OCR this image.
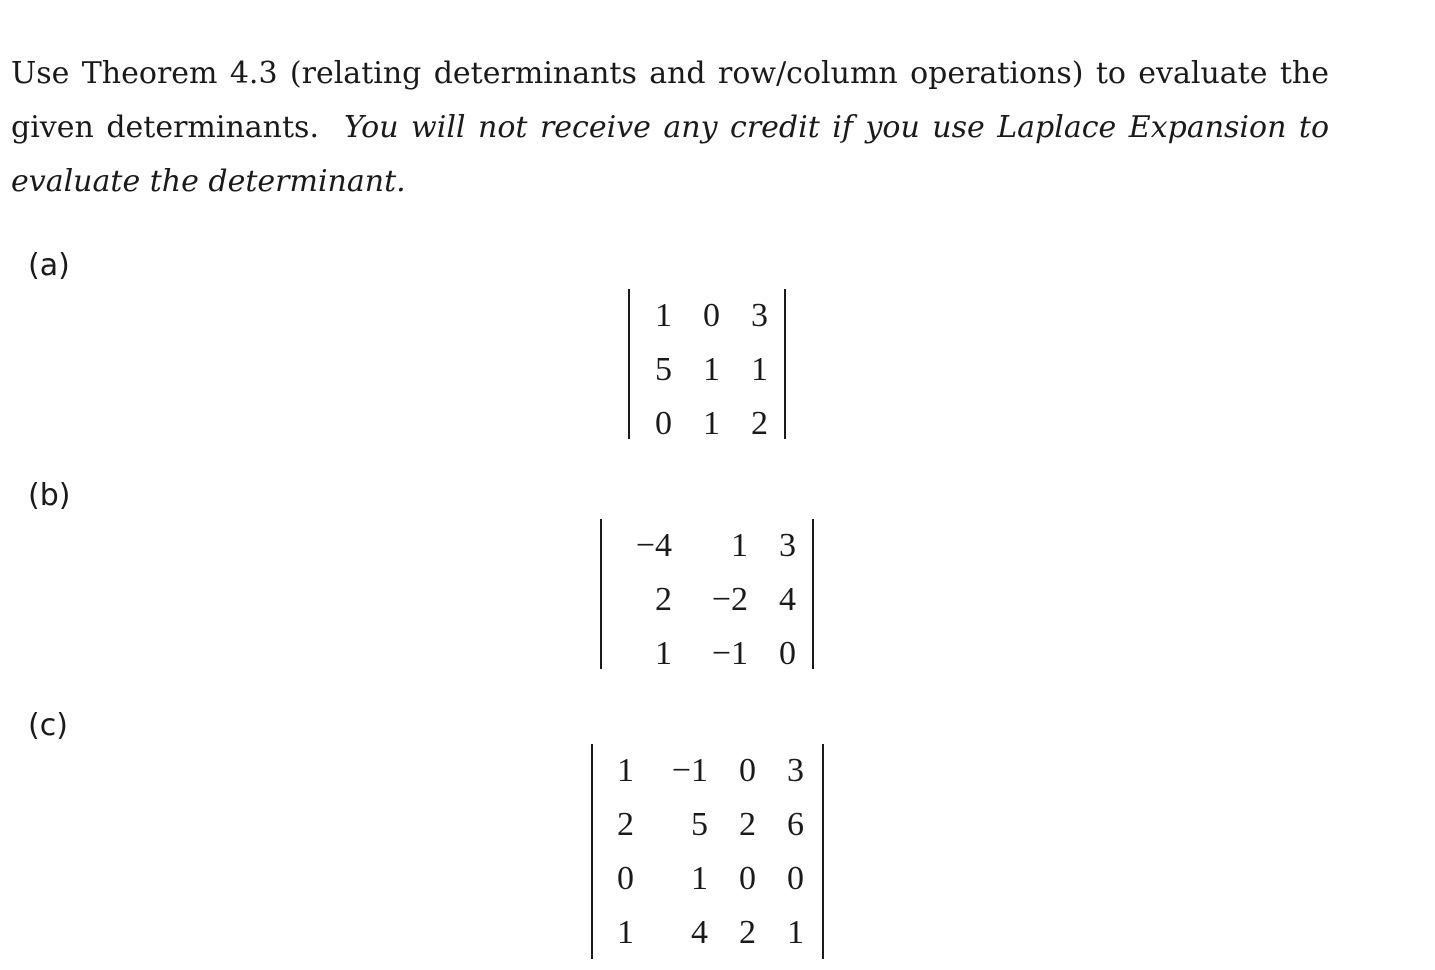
Use Theorem 4.3 (relating determinants and row/column operations) to evaluate the given determinants. You will not receive any credit if you use Laplace Expansion to evaluate the determinant.

(a)
1 0 3
5 1 1
0 1 2
(b)
−4	1 3
2	−2 4
1	−1 0
(c)
1	−1 0 3
2	5 2 6
0	1 0 0
1	4 2 1
